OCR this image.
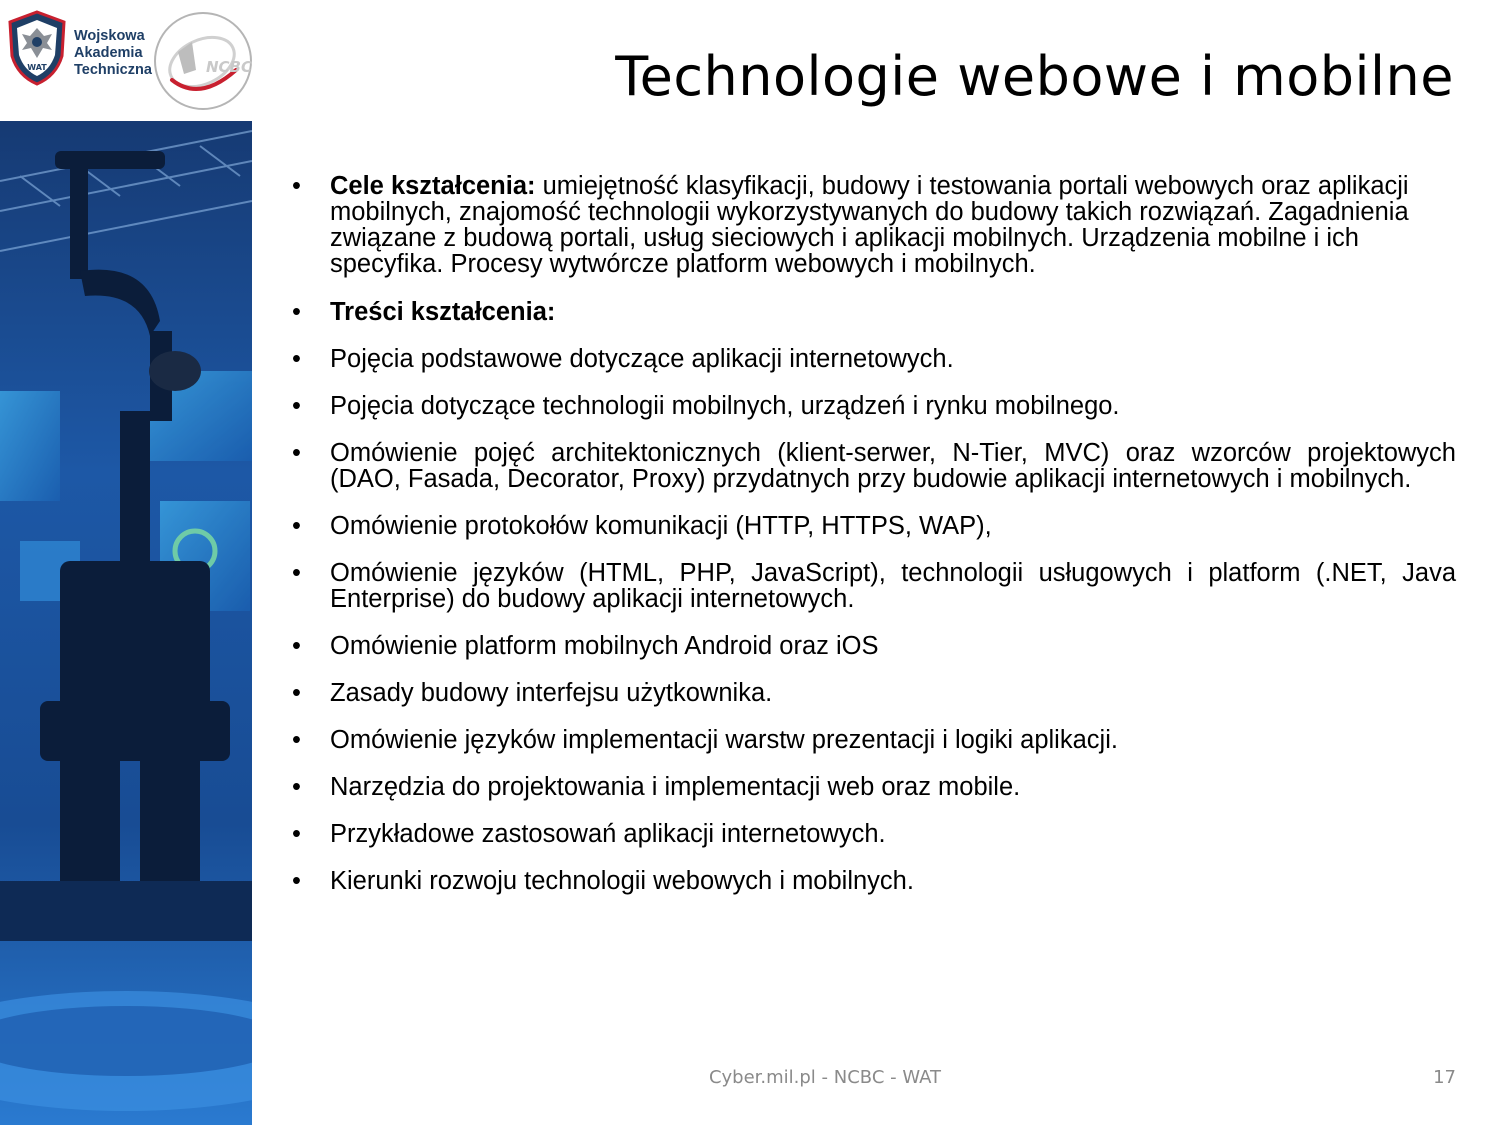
WAT
Wojskowa
Akademia
Techniczna	NCBC	Technologie webowe i mobilne
• Cele kształcenia: umiejętność klasyfikacji, budowy i testowania portali webowych oraz aplikacji mobilnych, znajomość technologii wykorzystywanych do budowy takich rozwiązań. Zagadnienia związane z budową portali, usług sieciowych i aplikacji mobilnych. Urządzenia mobilne i ich specyfika. Procesy wytwórcze platform webowych i mobilnych.
• Treści kształcenia:
• Pojęcia podstawowe dotyczące aplikacji internetowych.
• Pojęcia dotyczące technologii mobilnych, urządzeń i rynku mobilnego.
• Omówienie pojęć architektonicznych (klient-serwer, N-Tier, MVC) oraz wzorców projektowych (DAO, Fasada, Decorator, Proxy) przydatnych przy budowie aplikacji internetowych i mobilnych.
• Omówienie protokołów komunikacji (HTTP, HTTPS, WAP),
• Omówienie języków (HTML, PHP, JavaScript), technologii usługowych i platform (.NET, Java Enterprise) do budowy aplikacji internetowych.
• Omówienie platform mobilnych Android oraz iOS
• Zasady budowy interfejsu użytkownika.
• Omówienie języków implementacji warstw prezentacji i logiki aplikacji.
• Narzędzia do projektowania i implementacji web oraz mobile.
• Przykładowe zastosowań aplikacji internetowych.
• Kierunki rozwoju technologii webowych i mobilnych.
Cyber.mil.pl - NCBC - WAT	17
